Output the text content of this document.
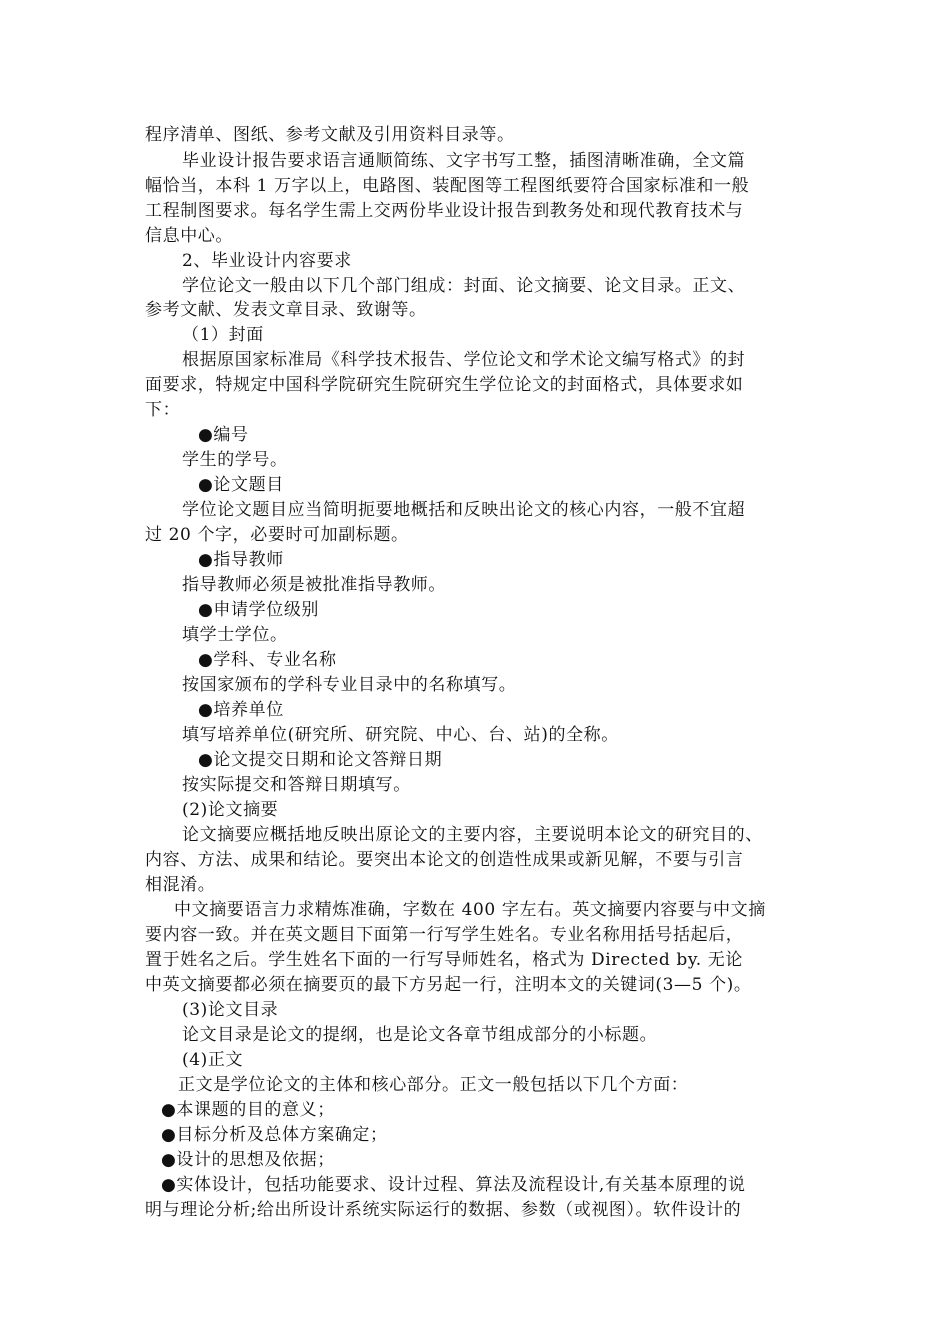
程序清单、图纸、参考文献及引用资料目录等。

毕业设计报告要求语言通顺简练、文字书写工整，插图清晰准确，全文篇

幅恰当，本科 1 万字以上，电路图、装配图等工程图纸要符合国家标准和一般

工程制图要求。每名学生需上交两份毕业设计报告到教务处和现代教育技术与

信息中心。

2、毕业设计内容要求

学位论文一般由以下几个部门组成：封面、论文摘要、论文目录。正文、

参考文献、发表文章目录、致谢等。

（1）封面

根据原国家标准局《科学技术报告、学位论文和学术论文编写格式》的封

面要求，特规定中国科学院研究生院研究生学位论文的封面格式，具体要求如

下：

●编号

学生的学号。

●论文题目

学位论文题目应当简明扼要地概括和反映出论文的核心内容，一般不宜超

过 20 个字，必要时可加副标题。

●指导教师

指导教师必须是被批准指导教师。

●申请学位级别

填学士学位。

●学科、专业名称

按国家颁布的学科专业目录中的名称填写。

●培养单位

填写培养单位(研究所、研究院、中心、台、站)的全称。

●论文提交日期和论文答辩日期

按实际提交和答辩日期填写。

(2)论文摘要

论文摘要应概括地反映出原论文的主要内容，主要说明本论文的研究目的、

内容、方法、成果和结论。要突出本论文的创造性成果或新见解，不要与引言

相混淆。

中文摘要语言力求精炼准确，字数在 400 字左右。英文摘要内容要与中文摘

要内容一致。并在英文题目下面第一行写学生姓名。专业名称用括号括起后，

置于姓名之后。学生姓名下面的一行写导师姓名，格式为 Directed by. 无论

中英文摘要都必须在摘要页的最下方另起一行，注明本文的关键词(3—5 个)。

(3)论文目录

论文目录是论文的提纲，也是论文各章节组成部分的小标题。

(4)正文

正文是学位论文的主体和核心部分。正文一般包括以下几个方面：

●本课题的目的意义；

●目标分析及总体方案确定；

●设计的思想及依据；

●实体设计，包括功能要求、设计过程、算法及流程设计,有关基本原理的说

明与理论分析;给出所设计系统实际运行的数据、参数（或视图）。软件设计的
